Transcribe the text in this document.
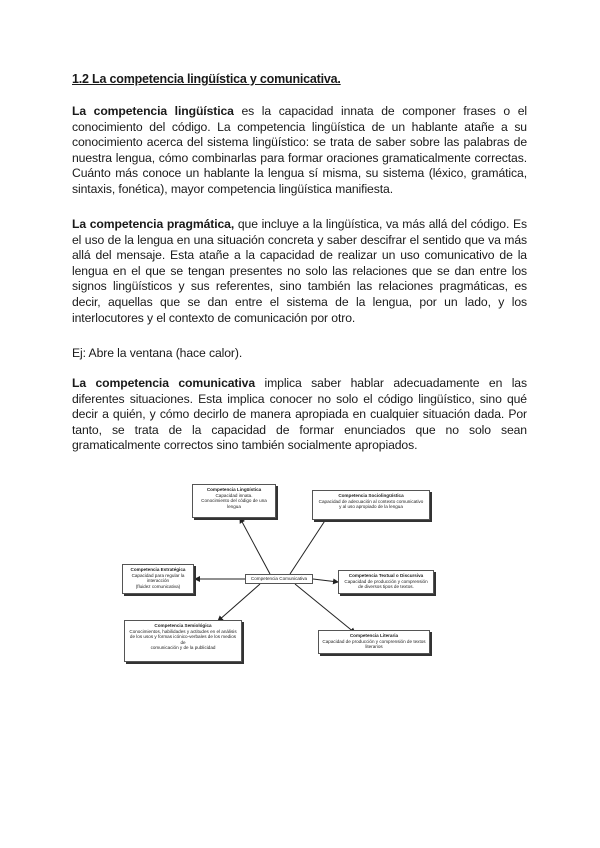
1.2 La competencia lingüística y comunicativa.

La competencia lingüística es la capacidad innata de componer frases o el conocimiento del código. La competencia lingüística de un hablante atañe a su conocimiento acerca del sistema lingüístico: se trata de saber sobre las palabras de nuestra lengua, cómo combinarlas para formar oraciones gramaticalmente correctas. Cuánto más conoce un hablante la lengua sí misma, su sistema (léxico, gramática, sintaxis, fonética), mayor competencia lingüística manifiesta.

La competencia pragmática, que incluye a la lingüística, va más allá del código. Es el uso de la lengua en una situación concreta y saber descifrar el sentido que va más allá del mensaje. Esta atañe a la capacidad de realizar un uso comunicativo de la lengua en el que se tengan presentes no solo las relaciones que se dan entre los signos lingüísticos y sus referentes, sino también las relaciones pragmáticas, es decir, aquellas que se dan entre el sistema de la lengua, por un lado, y los interlocutores y el contexto de comunicación por otro.

Ej: Abre la ventana (hace calor).

La competencia comunicativa implica saber hablar adecuadamente en las diferentes situaciones. Esta implica conocer no solo el código lingüístico, sino qué decir a quién, y cómo decirlo de manera apropiada en cualquier situación dada. Por tanto, se trata de la capacidad de formar enunciados que no solo sean gramaticalmente correctos sino también socialmente apropiados.

Competencia Lingüística
Capacidad innata.
Conocimiento del código de una lengua
Competencia Sociolingüística
Capacidad de adecuación al contexto comunicativo
y al uso apropiado de la lengua
Competencia Estratégica
Capacidad para regular la interacción
(fluidez comunicativa)
Competencia Comunicativa
Competencia Textual o Discursiva
Capacidad de producción y comprensión de diversos tipos de textos.
Competencia Semiológica
Conocimientos, habilidades y actitudes en el análisis
de los usos y formas icónico-verbales de los medios de
comunicación y de la publicidad
Competencia Literaria
Capacidad de producción y comprensión de textos literarios
